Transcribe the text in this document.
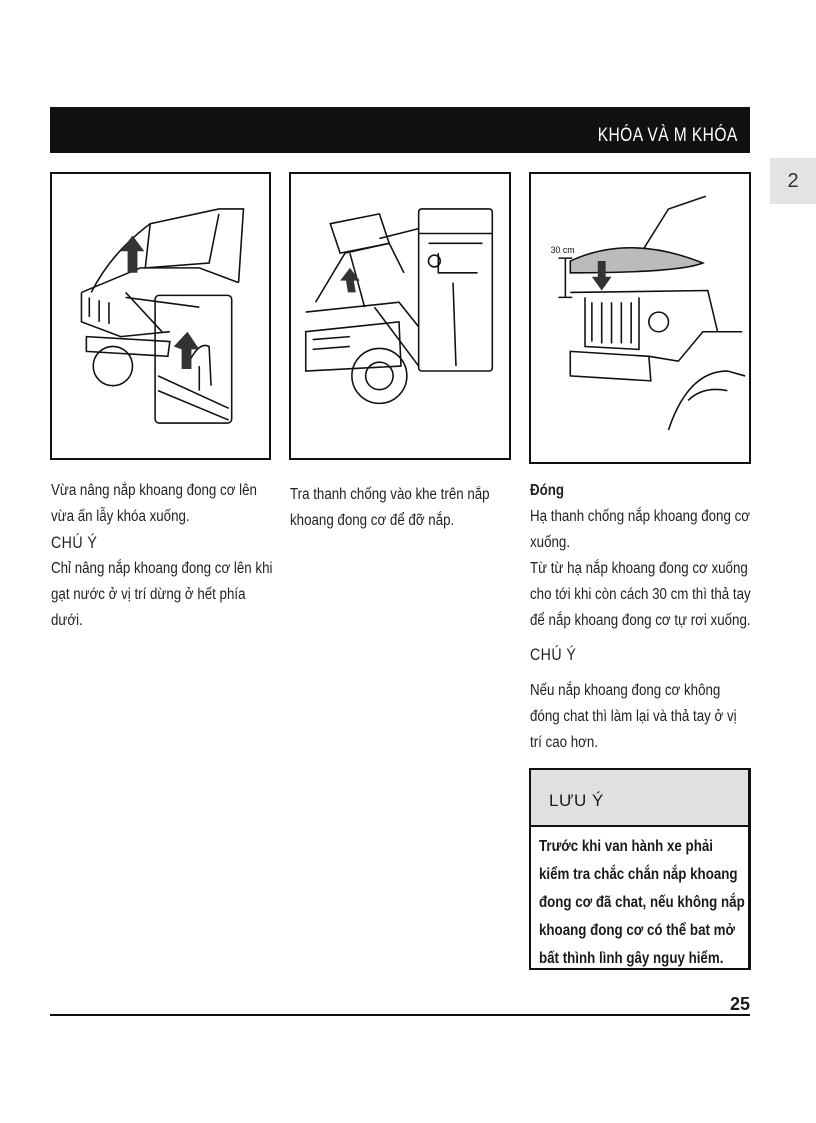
KHÓA VÀ M KHÓA
2
30 cm

Vừa nâng nắp khoang đong cơ lên vừa ấn lẫy khóa xuống.

CHÚ Ý

Chỉ nâng nắp khoang đong cơ lên khi gạt nước ở vị trí dừng ở hết phía dưới.

Tra thanh chống vào khe trên nắp khoang đong cơ để đỡ nắp.

Đóng

Hạ thanh chống nắp khoang đong cơ xuống.

Từ từ hạ nắp khoang đong cơ xuống cho tới khi còn cách 30 cm thì thả tay để nắp khoang đong cơ tự rơi xuống.

CHÚ Ý

Nếu nắp khoang đong cơ không đóng chat thì làm lại và thả tay ở vị trí cao hơn.

LƯU Ý
Trước khi van hành xe phải kiểm tra chắc chắn nắp khoang đong cơ đã chat, nếu không nắp khoang đong cơ có thể bat mở bất thình lình gây nguy hiểm.
25
